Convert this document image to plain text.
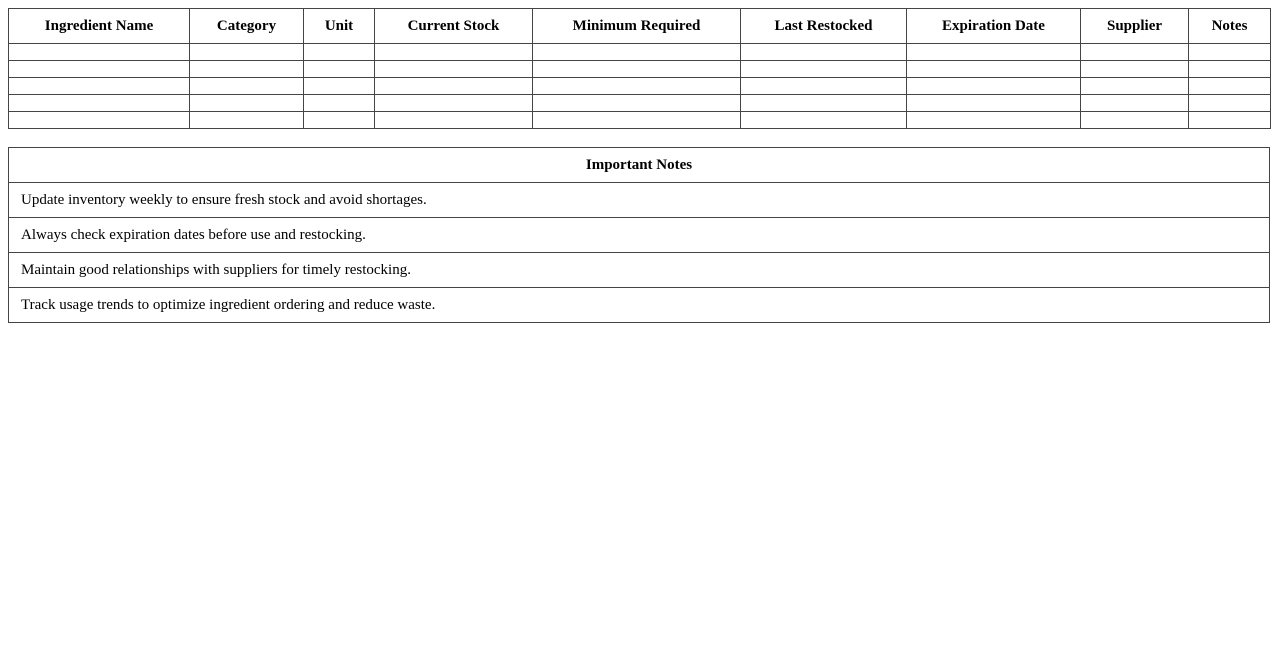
Ingredient Name	Category	Unit	Current Stock	Minimum Required	Last Restocked	Expiration Date	Supplier	Notes

Important Notes
Update inventory weekly to ensure fresh stock and avoid shortages.
Always check expiration dates before use and restocking.
Maintain good relationships with suppliers for timely restocking.
Track usage trends to optimize ingredient ordering and reduce waste.
